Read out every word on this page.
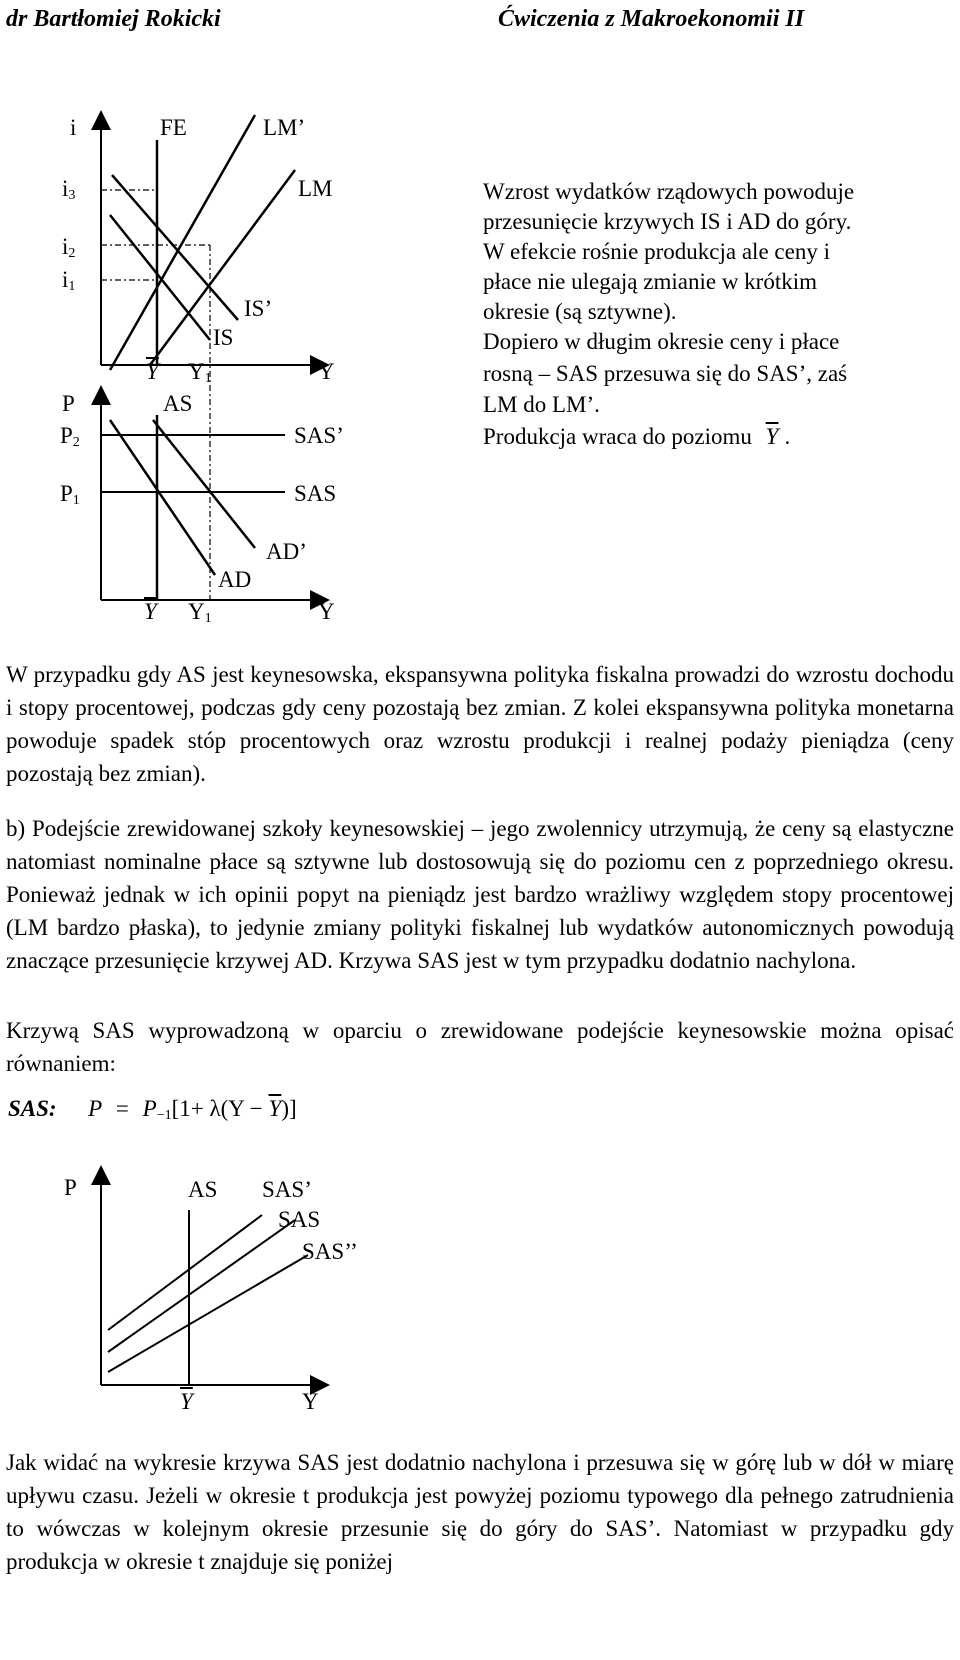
dr Bartłomiej Rokicki	Ćwiczenia z Makroekonomii II
i	FE	LM’
$i_3$	LM
$i_2$
$i_1$
IS’
IS
$\overline{Y}$ $Y_1$	Y
P	AS
$P_2$	SAS’
$P_1$	SAS
AD’
AD
$\overline{Y}$ $Y_1$	Y
Wzrost wydatków rządowych powoduje
przesunięcie krzywych IS i AD do góry.
W efekcie rośnie produkcja ale ceny i
płace nie ulegają zmianie w krótkim
okresie (są sztywne).
Dopiero w długim okresie ceny i płace
rosną – SAS przesuwa się do SAS’, zaś
LM do LM’.
Produkcja wraca do poziomu $\overline{Y}$ .
W przypadku gdy AS jest keynesowska, ekspansywna polityka fiskalna prowadzi do wzrostu dochodu i stopy procentowej, podczas gdy ceny pozostają bez zmian. Z kolei ekspansywna polityka monetarna powoduje spadek stóp procentowych oraz wzrostu produkcji i realnej podaży pieniądza (ceny pozostają bez zmian).
b) Podejście zrewidowanej szkoły keynesowskiej – jego zwolennicy utrzymują, że ceny są elastyczne natomiast nominalne płace są sztywne lub dostosowują się do poziomu cen z poprzedniego okresu. Ponieważ jednak w ich opinii popyt na pieniądz jest bardzo wrażliwy względem stopy procentowej (LM bardzo płaska), to jedynie zmiany polityki fiskalnej lub wydatków autonomicznych powodują znaczące przesunięcie krzywej AD. Krzywa SAS jest w tym przypadku dodatnio nachylona.
Krzywą SAS wyprowadzoną w oparciu o zrewidowane podejście keynesowskie można opisać równaniem:
SAS: $P = P_{-1}[1+ \lambda(Y - \overline{Y})]$
P	AS SAS’
SAS
SAS’’
$\overline{Y}$	Y
Jak widać na wykresie krzywa SAS jest dodatnio nachylona i przesuwa się w górę lub w dół w miarę upływu czasu. Jeżeli w okresie t produkcja jest powyżej poziomu typowego dla pełnego zatrudnienia to wówczas w kolejnym okresie przesunie się do góry do SAS’. Natomiast w przypadku gdy produkcja w okresie t znajduje się poniżej
